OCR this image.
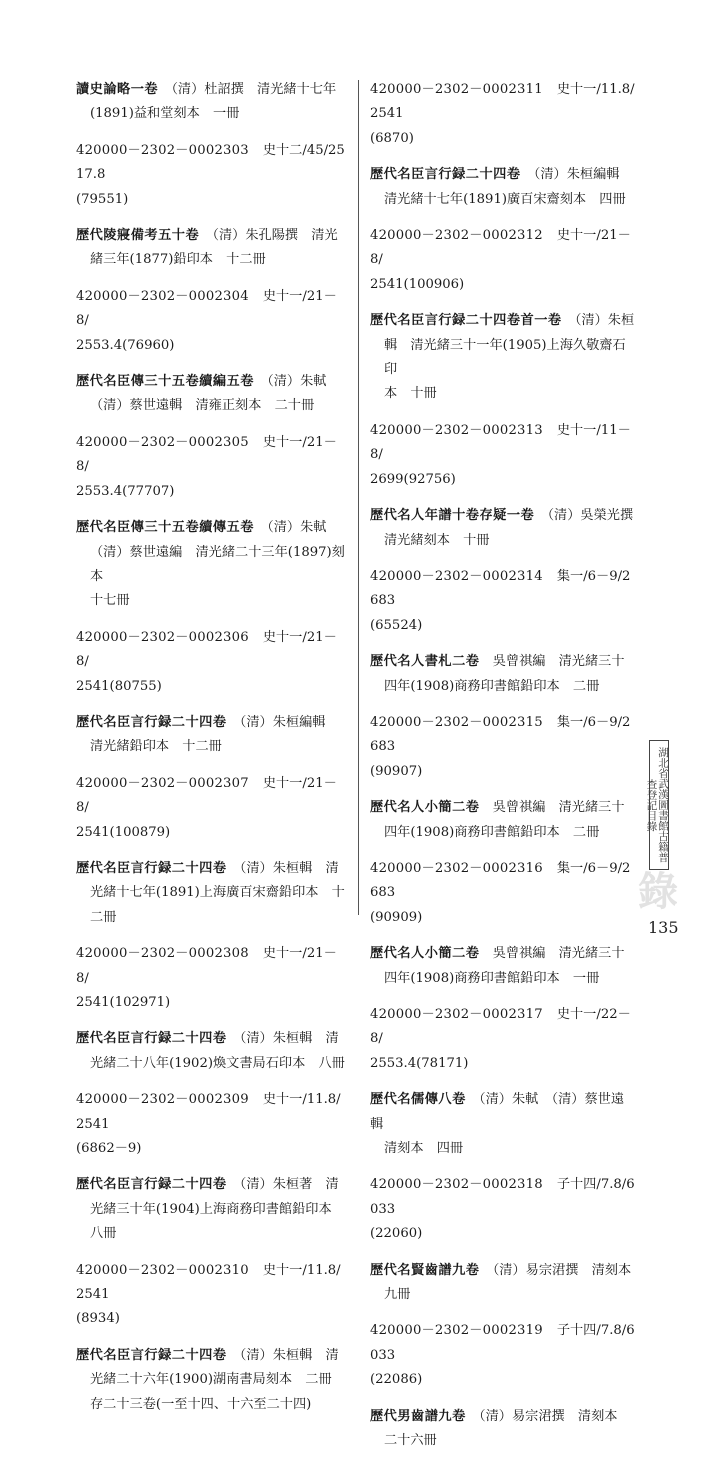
讀史論略一卷　 （清）杜詔撰　清光緒十七年
(1891)益和堂刻本　一冊
420000－2302－0002303 史十二/45/2517.8
(79551)
歷代陵寢備考五十卷　 （清）朱孔陽撰　清光
緒三年(1877)鉛印本　十二冊
420000－2302－0002304 史十一/21－8/
2553.4(76960)
歷代名臣傳三十五卷續編五卷　 （清）朱軾
（清）蔡世遠輯　清雍正刻本　二十冊
420000－2302－0002305 史十一/21－8/
2553.4(77707)
歷代名臣傳三十五卷續傳五卷　 （清）朱軾
（清）蔡世遠編　清光緒二十三年(1897)刻本
十七冊
420000－2302－0002306 史十一/21－8/
2541(80755)
歷代名臣言行録二十四卷　 （清）朱桓編輯
清光緒鉛印本　十二冊
420000－2302－0002307 史十一/21－8/
2541(100879)
歷代名臣言行録二十四卷　 （清）朱桓輯　清
光緒十七年(1891)上海廣百宋齋鉛印本　十
二冊
420000－2302－0002308 史十一/21－8/
2541(102971)
歷代名臣言行録二十四卷　 （清）朱桓輯　清
光緒二十八年(1902)煥文書局石印本　八冊
420000－2302－0002309 史十一/11.8/2541
(6862－9)
歷代名臣言行録二十四卷　 （清）朱桓著　清
光緒三十年(1904)上海商務印書館鉛印本
八冊
420000－2302－0002310 史十一/11.8/2541
(8934)
歷代名臣言行録二十四卷　 （清）朱桓輯　清
光緒二十六年(1900)湖南書局刻本　二冊
存二十三卷(一至十四、十六至二十四)
420000－2302－0002311 史十一/11.8/2541
(6870)
歷代名臣言行録二十四卷　 （清）朱桓編輯
清光緒十七年(1891)廣百宋齋刻本　四冊
420000－2302－0002312 史十一/21－8/
2541(100906)
歷代名臣言行録二十四卷首一卷　 （清）朱桓
輯　清光緒三十一年(1905)上海久敬齋石印
本　十冊
420000－2302－0002313 史十一/11－8/
2699(92756)
歷代名人年譜十卷存疑一卷　 （清）吳榮光撰
清光緒刻本　十冊
420000－2302－0002314 集一/6－9/2683
(65524)
歷代名人書札二卷　 吳曾祺編　清光緒三十
四年(1908)商務印書館鉛印本　二冊
420000－2302－0002315 集一/6－9/2683
(90907)
歷代名人小簡二卷　 吳曾祺編　清光緒三十
四年(1908)商務印書館鉛印本　二冊
420000－2302－0002316 集一/6－9/2683
(90909)
歷代名人小簡二卷　 吳曾祺編　清光緒三十
四年(1908)商務印書館鉛印本　一冊
420000－2302－0002317 史十一/22－8/
2553.4(78171)
歷代名儒傳八卷　 （清）朱軾　（清）蔡世遠輯
清刻本　四冊
420000－2302－0002318 子十四/7.8/6033
(22060)
歷代名賢齒譜九卷　 （清）易宗涒撰　清刻本
九冊
420000－2302－0002319 子十四/7.8/6033
(22086)
歷代男齒譜九卷　 （清）易宗涒撰　清刻本
二十六冊
湖北省武漢圖書館古籍普查登記目錄
錄
135
